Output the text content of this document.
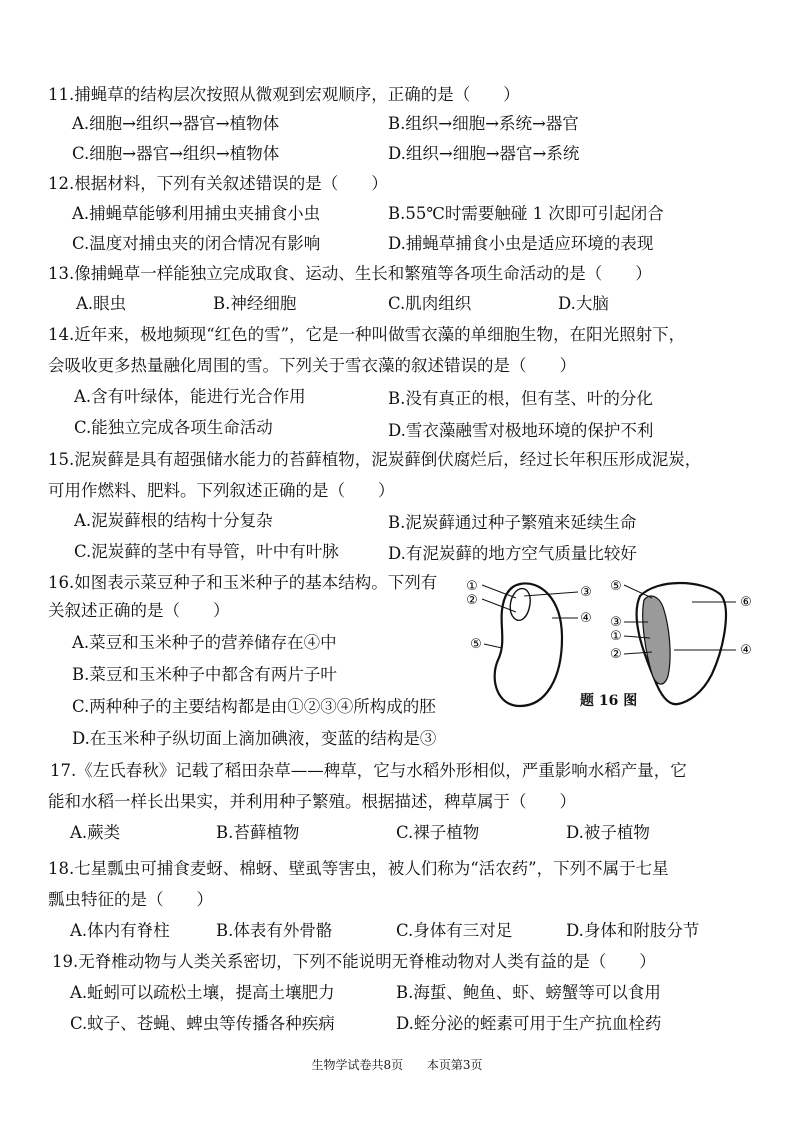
11.捕蝇草的结构层次按照从微观到宏观顺序，正确的是（　　）
A.细胞→组织→器官→植物体	B.组织→细胞→系统→器官
C.细胞→器官→组织→植物体	D.组织→细胞→器官→系统
12.根据材料，下列有关叙述错误的是（　　）
A.捕蝇草能够利用捕虫夹捕食小虫	B.55℃时需要触碰 1 次即可引起闭合
C.温度对捕虫夹的闭合情况有影响	D.捕蝇草捕食小虫是适应环境的表现
13.像捕蝇草一样能独立完成取食、运动、生长和繁殖等各项生命活动的是（　　）
A.眼虫	B.神经细胞	C.肌肉组织	D.大脑
14.近年来，极地频现“红色的雪”，它是一种叫做雪衣藻的单细胞生物，在阳光照射下，
会吸收更多热量融化周围的雪。下列关于雪衣藻的叙述错误的是（　　）
A.含有叶绿体，能进行光合作用	B.没有真正的根，但有茎、叶的分化
C.能独立完成各项生命活动	D.雪衣藻融雪对极地环境的保护不利
15.泥炭藓是具有超强储水能力的苔藓植物，泥炭藓倒伏腐烂后，经过长年积压形成泥炭，
可用作燃料、肥料。下列叙述正确的是（　　）
A.泥炭藓根的结构十分复杂	B.泥炭藓通过种子繁殖来延续生命
C.泥炭藓的茎中有导管，叶中有叶脉	D.有泥炭藓的地方空气质量比较好
16.如图表示菜豆种子和玉米种子的基本结构。下列有
关叙述正确的是（　　）
A.菜豆和玉米种子的营养储存在④中
B.菜豆和玉米种子中都含有两片子叶
C.两种种子的主要结构都是由①②③④所构成的胚
D.在玉米种子纵切面上滴加碘液，变蓝的结构是③
①
②
③
④
⑤
⑤
⑥
③
①
②	④
题 16 图
17.《左氏春秋》记载了稻田杂草——稗草，它与水稻外形相似，严重影响水稻产量，它
能和水稻一样长出果实，并利用种子繁殖。根据描述，稗草属于（　　）
A.蕨类	B.苔藓植物	C.裸子植物	D.被子植物
18.七星瓢虫可捕食麦蚜、棉蚜、壁虱等害虫，被人们称为“活农药”，下列不属于七星
瓢虫特征的是（　　）
A.体内有脊柱	B.体表有外骨骼	C.身体有三对足	D.身体和附肢分节
19.无脊椎动物与人类关系密切，下列不能说明无脊椎动物对人类有益的是（　　）
A.蚯蚓可以疏松土壤，提高土壤肥力	B.海蜇、鲍鱼、虾、螃蟹等可以食用
C.蚊子、苍蝇、蜱虫等传播各种疾病	D.蛭分泌的蛭素可用于生产抗血栓药
生物学试卷共8页 本页第3页
